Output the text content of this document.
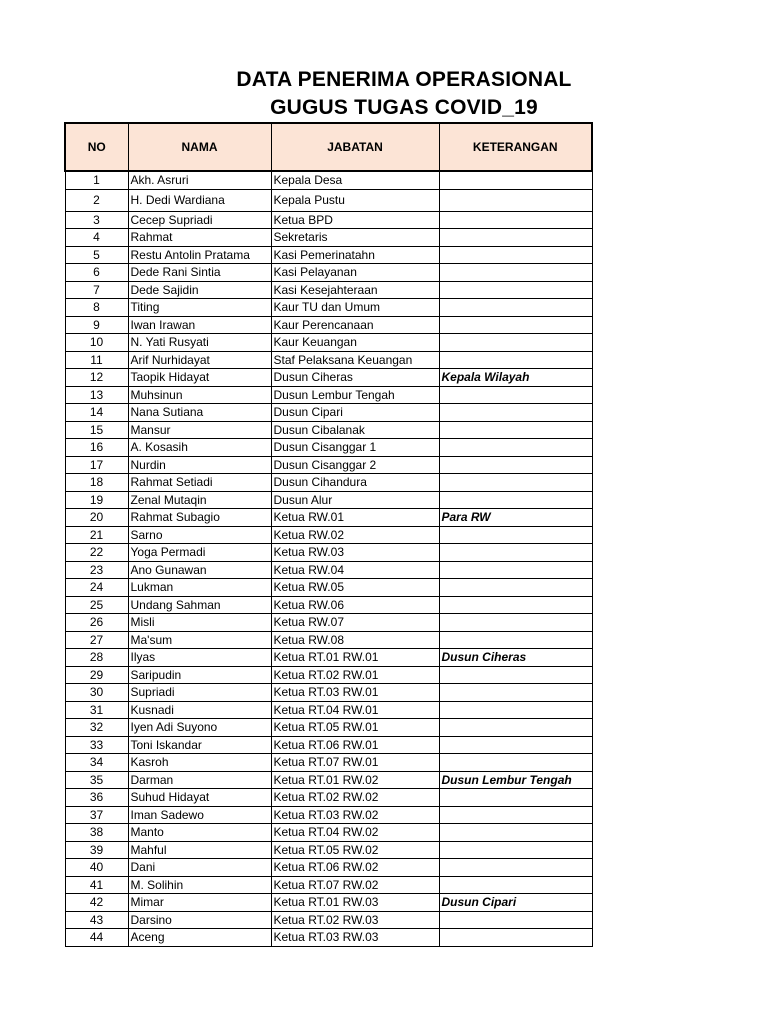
DATA PENERIMA OPERASIONAL
GUGUS TUGAS COVID_19
NO	NAMA	JABATAN	KETERANGAN
1	Akh. Asruri	Kepala Desa	
2	H. Dedi Wardiana	Kepala Pustu	
3	Cecep Supriadi	Ketua BPD	
4	Rahmat	Sekretaris	
5	Restu Antolin Pratama	Kasi Pemerinatahn	
6	Dede Rani Sintia	Kasi Pelayanan	
7	Dede Sajidin	Kasi Kesejahteraan	
8	Titing	Kaur TU dan Umum	
9	Iwan Irawan	Kaur Perencanaan	
10	N. Yati Rusyati	Kaur Keuangan	
11	Arif Nurhidayat	Staf Pelaksana Keuangan	
12	Taopik Hidayat	Dusun Ciheras	Kepala Wilayah
13	Muhsinun	Dusun Lembur Tengah	
14	Nana Sutiana	Dusun Cipari	
15	Mansur	Dusun Cibalanak	
16	A. Kosasih	Dusun Cisanggar 1	
17	Nurdin	Dusun Cisanggar 2	
18	Rahmat Setiadi	Dusun Cihandura	
19	Zenal Mutaqin	Dusun Alur	
20	Rahmat Subagio	Ketua RW.01	Para RW
21	Sarno	Ketua RW.02	
22	Yoga Permadi	Ketua RW.03	
23	Ano Gunawan	Ketua RW.04	
24	Lukman	Ketua RW.05	
25	Undang Sahman	Ketua RW.06	
26	Misli	Ketua RW.07	
27	Ma'sum	Ketua RW.08	
28	Ilyas	Ketua RT.01 RW.01	Dusun Ciheras
29	Saripudin	Ketua RT.02 RW.01	
30	Supriadi	Ketua RT.03 RW.01	
31	Kusnadi	Ketua RT.04 RW.01	
32	Iyen Adi Suyono	Ketua RT.05 RW.01	
33	Toni Iskandar	Ketua RT.06 RW.01	
34	Kasroh	Ketua RT.07 RW.01	
35	Darman	Ketua RT.01 RW.02	Dusun Lembur Tengah
36	Suhud Hidayat	Ketua RT.02 RW.02	
37	Iman Sadewo	Ketua RT.03 RW.02	
38	Manto	Ketua RT.04 RW.02	
39	Mahful	Ketua RT.05 RW.02	
40	Dani	Ketua RT.06 RW.02	
41	M. Solihin	Ketua RT.07 RW.02	
42	Mimar	Ketua RT.01 RW.03	Dusun Cipari
43	Darsino	Ketua RT.02 RW.03	
44	Aceng	Ketua RT.03 RW.03	
